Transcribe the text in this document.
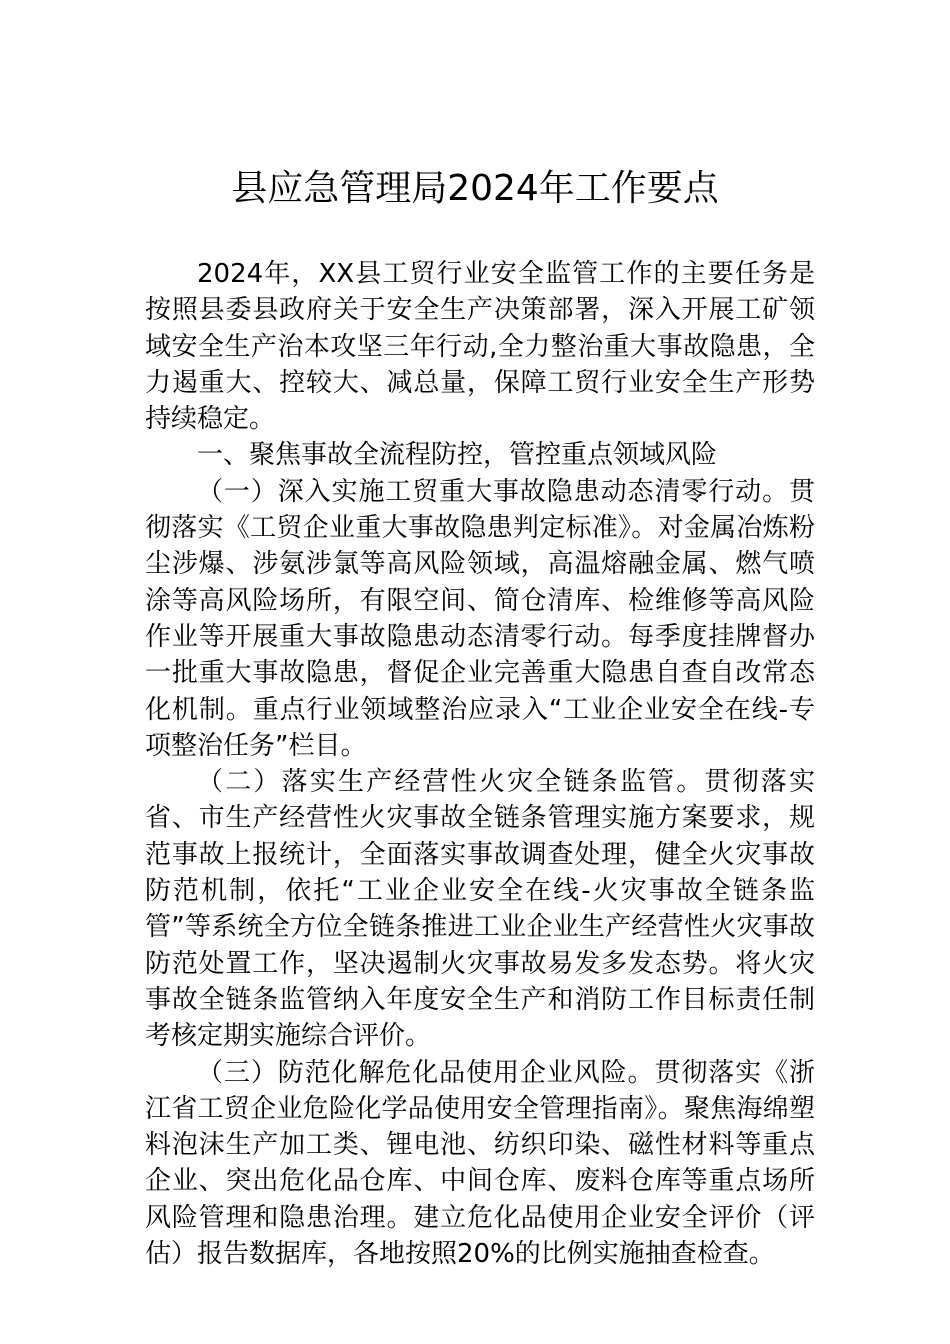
县应急管理局2024年工作要点

2024年，XX县工贸行业安全监管工作的主要任务是按照县委县政府关于安全生产决策部署，深入开展工矿领域安全生产治本攻坚三年行动,全力整治重大事故隐患，全力遏重大、控较大、减总量，保障工贸行业安全生产形势持续稳定。

一、聚焦事故全流程防控，管控重点领域风险

（一）深入实施工贸重大事故隐患动态清零行动。贯彻落实《工贸企业重大事故隐患判定标准》。对金属冶炼粉尘涉爆、涉氨涉氯等高风险领域，高温熔融金属、燃气喷涂等高风险场所，有限空间、简仓清库、检维修等高风险作业等开展重大事故隐患动态清零行动。每季度挂牌督办一批重大事故隐患，督促企业完善重大隐患自查自改常态化机制。重点行业领域整治应录入“工业企业安全在线-专项整治任务”栏目。

（二）落实生产经营性火灾全链条监管。贯彻落实省、市生产经营性火灾事故全链条管理实施方案要求，规范事故上报统计，全面落实事故调查处理，健全火灾事故防范机制，依托“工业企业安全在线-火灾事故全链条监管”等系统全方位全链条推进工业企业生产经营性火灾事故防范处置工作，坚决遏制火灾事故易发多发态势。将火灾事故全链条监管纳入年度安全生产和消防工作目标责任制考核定期实施综合评价。

（三）防范化解危化品使用企业风险。贯彻落实《浙江省工贸企业危险化学品使用安全管理指南》。聚焦海绵塑料泡沫生产加工类、锂电池、纺织印染、磁性材料等重点企业、突出危化品仓库、中间仓库、废料仓库等重点场所风险管理和隐患治理。建立危化品使用企业安全评价（评估）报告数据库，各地按照20%的比例实施抽查检查。
